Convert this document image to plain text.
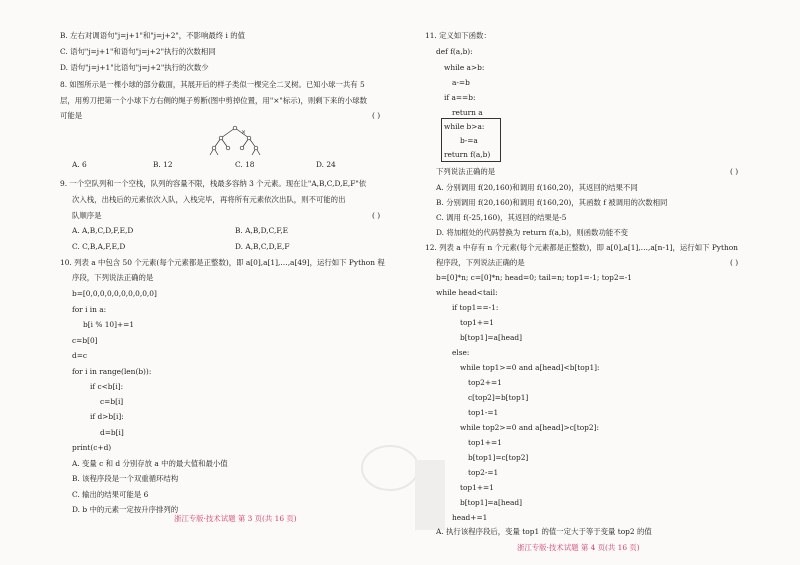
B. 左右对调语句"j=j+1"和"j=j+2"，不影响最终 i 的值
C. 语句"j=j+1"和语句"j=j+2"执行的次数相同
D. 语句"j=j+1"比语句"j=j+2"执行的次数少
8. 如图所示是一棵小球的部分截面，其展开后的样子类似一棵完全二叉树。已知小球一共有 5
层，用剪刀把第一个小球下方右侧的绳子剪断(图中剪掉位置，用"×"标示)，则剩下来的小球数
可能是	( )
×
A. 6	B. 12	C. 18	D. 24
9. 一个空队列和一个空栈，队列的容量不限，栈最多容纳 3 个元素。现在让"A,B,C,D,E,F"依
次入栈，出栈后的元素依次入队，入栈完毕，再将所有元素依次出队，则不可能的出
队顺序是	( )
A. A,B,C,D,F,E,D	B. A,B,D,C,F,E
C. C,B,A,F,E,D	D. A,B,C,D,E,F
10. 列表 a 中包含 50 个元素(每个元素都是正整数)，即 a[0],a[1],…,a[49]，运行如下 Python 程
序段，下列说法正确的是
b=[0,0,0,0,0,0,0,0,0,0]
for i in a:
b[i % 10]+=1
c=b[0]
d=c
for i in range(len(b)):
if c<b[i]:
c=b[i]
if d>b[i]:
d=b[i]
print(c+d)
A. 变量 c 和 d 分别存放 a 中的最大值和最小值
B. 该程序段是一个双重循环结构
C. 输出的结果可能是 6
D. b 中的元素一定按升序排列的
浙江专版·技术试题 第 3 页(共 16 页)
11. 定义如下函数：
def f(a,b):
while a>b:
a-=b
if a==b:
return a
while b>a:
b-=a
return f(a,b)
下列说法正确的是	( )
A. 分别调用 f(20,160)和调用 f(160,20)，其返回的结果不同
B. 分别调用 f(20,160)和调用 f(160,20)，其函数 f 被调用的次数相同
C. 调用 f(-25,160)，其返回的结果是-5
D. 将加框处的代码替换为 return f(a,b)，则函数功能不变
12. 列表 a 中存有 n 个元素(每个元素都是正整数)，即 a[0],a[1],…,a[n-1]，运行如下 Python
程序段，下列说法正确的是	( )
b=[0]*n; c=[0]*n; head=0; tail=n; top1=-1; top2=-1
while head<tail:
if top1==-1:
top1+=1
b[top1]=a[head]
else:
while top1>=0 and a[head]<b[top1]:
top2+=1
c[top2]=b[top1]
top1-=1
while top2>=0 and a[head]>c[top2]:
top1+=1
b[top1]=c[top2]
top2-=1
top1+=1
b[top1]=a[head]
head+=1
A. 执行该程序段后，变量 top1 的值一定大于等于变量 top2 的值
浙江专版·技术试题 第 4 页(共 16 页)
